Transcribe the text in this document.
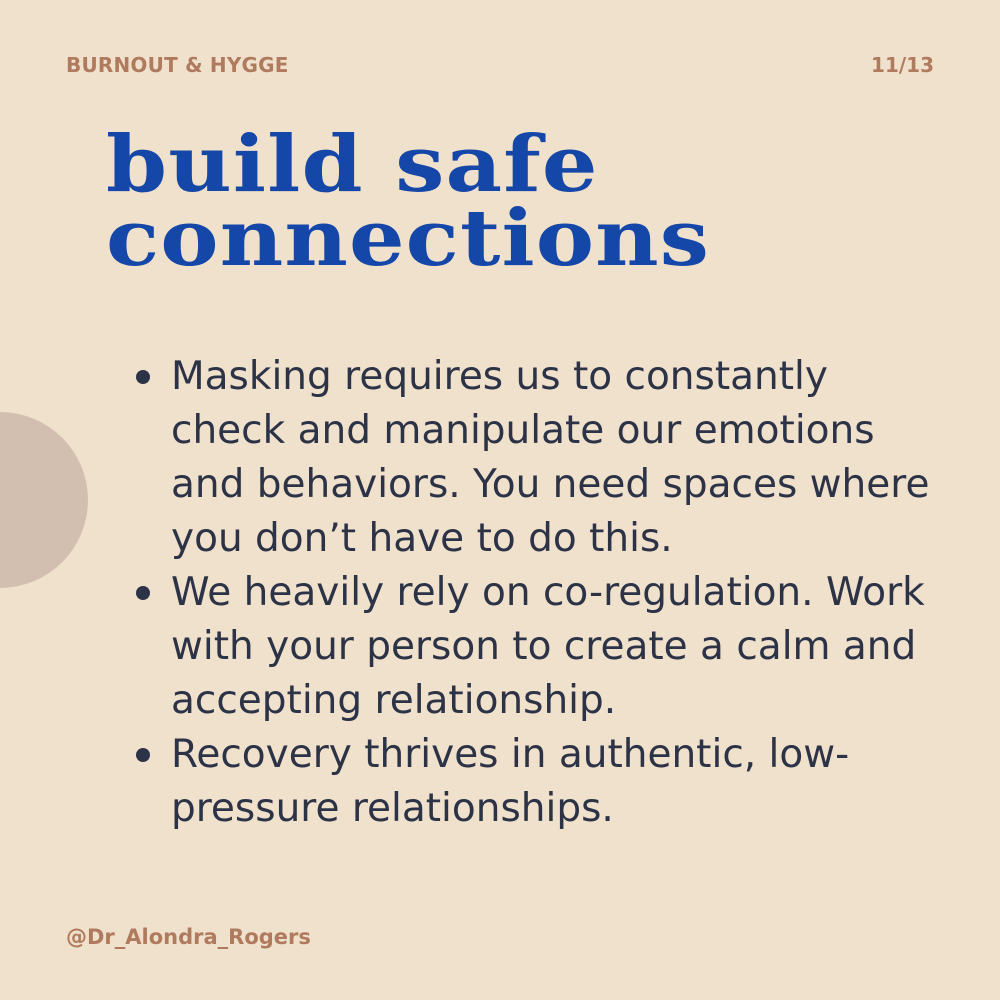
BURNOUT & HYGGE	11/13
build safe
connections
Masking requires us to constantly check and manipulate our emotions and behaviors. You need spaces where you don’t have to do this.
We heavily rely on co-regulation. Work with your person to create a calm and accepting relationship.
Recovery thrives in authentic, low-pressure relationships.
@Dr_Alondra_Rogers
